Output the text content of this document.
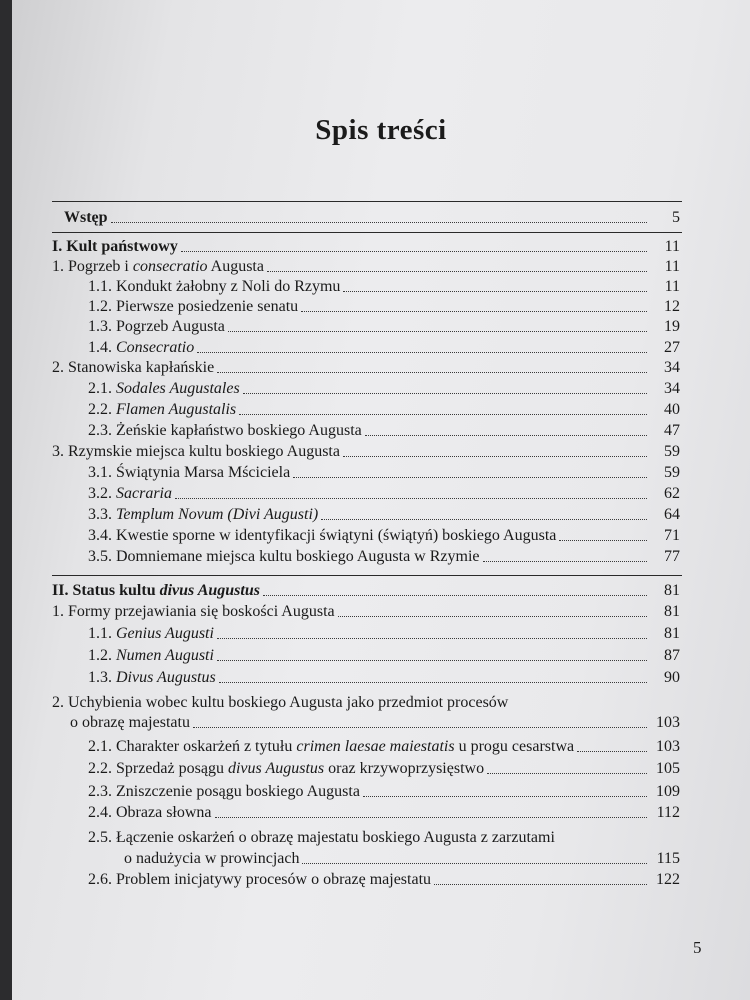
Spis treści
Wstęp	5
I. Kult państwowy	11
1. Pogrzeb i consecratio Augusta	11
1.1. Kondukt żałobny z Noli do Rzymu	11
1.2. Pierwsze posiedzenie senatu	12
1.3. Pogrzeb Augusta	19
1.4. Consecratio	27
2. Stanowiska kapłańskie	34
2.1. Sodales Augustales	34
2.2. Flamen Augustalis	40
2.3. Żeńskie kapłaństwo boskiego Augusta	47
3. Rzymskie miejsca kultu boskiego Augusta	59
3.1. Świątynia Marsa Mściciela	59
3.2. Sacraria	62
3.3. Templum Novum (Divi Augusti)	64
3.4. Kwestie sporne w identyfikacji świątyni (świątyń) boskiego Augusta	71
3.5. Domniemane miejsca kultu boskiego Augusta w Rzymie	77
II. Status kultu divus Augustus	81
1. Formy przejawiania się boskości Augusta	81
1.1. Genius Augusti	81
1.2. Numen Augusti	87
1.3. Divus Augustus	90
2. Uchybienia wobec kultu boskiego Augusta jako przedmiot procesów
o obrazę majestatu	103
2.1. Charakter oskarżeń z tytułu crimen laesae maiestatis u progu cesarstwa	103
2.2. Sprzedaż posągu divus Augustus oraz krzywoprzysięstwo	105
2.3. Zniszczenie posągu boskiego Augusta	109
2.4. Obraza słowna	112
2.5. Łączenie oskarżeń o obrazę majestatu boskiego Augusta z zarzutami
o nadużycia w prowincjach	115
2.6. Problem inicjatywy procesów o obrazę majestatu	122
5
